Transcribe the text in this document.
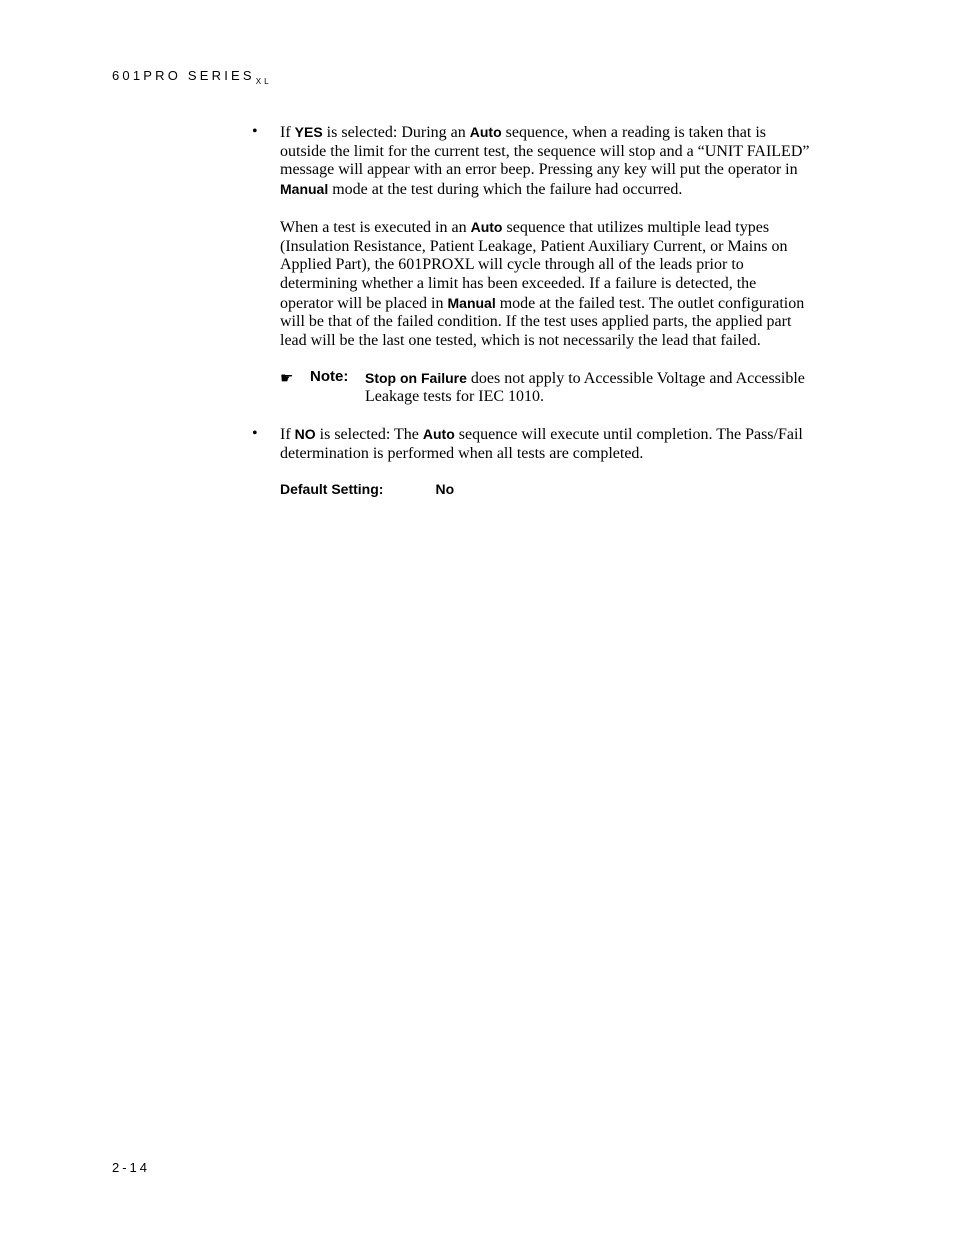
601PRO $SERIES_{XL}$
•	If YES is selected: During an Auto sequence, when a reading is taken that is outside the limit for the current test, the sequence will stop and a “UNIT FAILED” message will appear with an error beep. Pressing any key will put the operator in Manual mode at the test during which the failure had occurred.

When a test is executed in an Auto sequence that utilizes multiple lead types (Insulation Resistance, Patient Leakage, Patient Auxiliary Current, or Mains on Applied Part), the 601PROXL will cycle through all of the leads prior to determining whether a limit has been exceeded. If a failure is detected, the operator will be placed in Manual mode at the failed test. The outlet configuration will be that of the failed condition. If the test uses applied parts, the applied part lead will be the last one tested, which is not necessarily the lead that failed.

☛ Note: Stop on Failure does not apply to Accessible Voltage and Accessible Leakage tests for IEC 1010.

•	If NO is selected: The Auto sequence will execute until completion. The Pass/Fail determination is performed when all tests are completed.

Default Setting:	No
2-14
